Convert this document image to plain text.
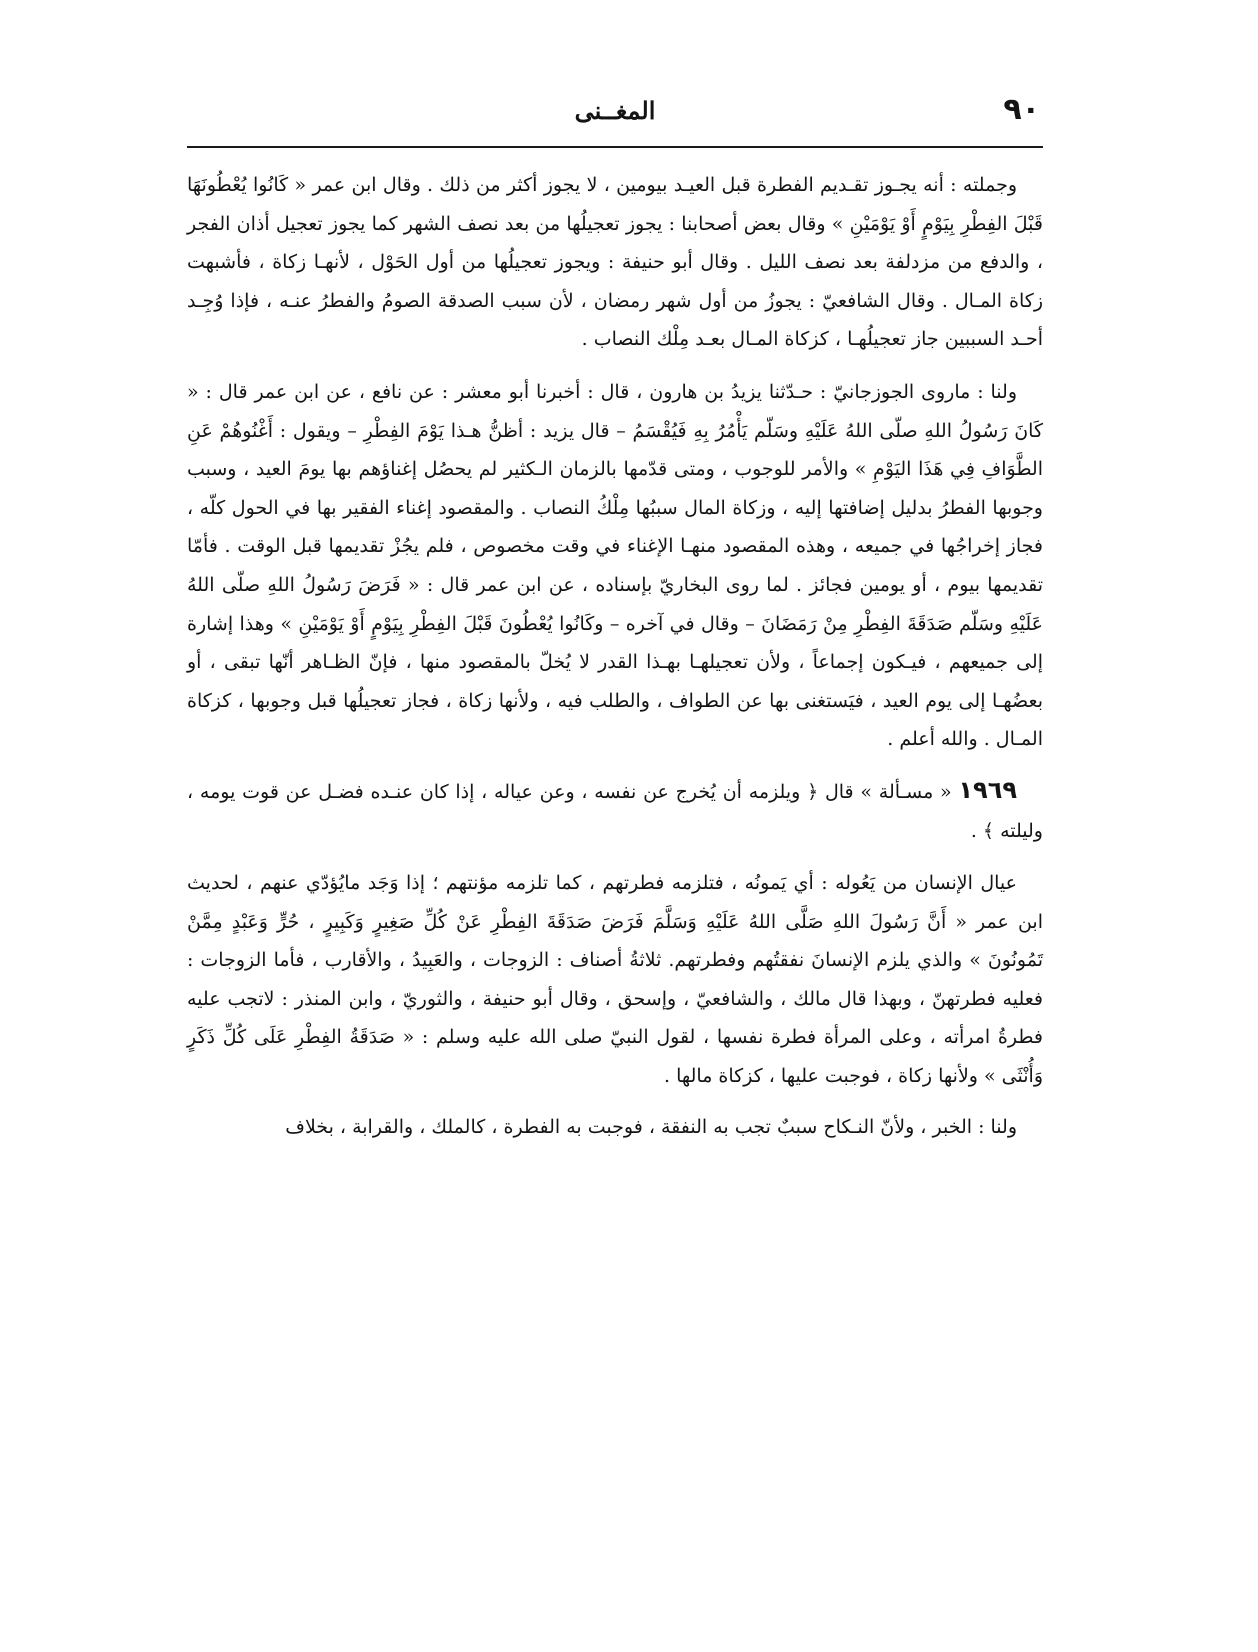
٩٠
المغــنى

وجملته : أنه يجـوز تقـديم الفطرة قبل العيـد بيومين ، لا يجوز أكثر من ذلك . وقال ابن عمر « كَانُوا يُعْطُونَهَا قَبْلَ الفِطْرِ بِيَوْمٍ أَوْ يَوْمَيْنِ » وقال بعض أصحابنا : يجوز تعجيلُها من بعد نصف الشهر كما يجوز تعجيل أذان الفجر ، والدفع من مزدلفة بعد نصف الليل . وقال أبو حنيفة : ويجوز تعجيلُها من أول الحَوْل ، لأنهـا زكاة ، فأشبهت زكاة المـال . وقال الشافعيّ : يجوزُ من أول شهر رمضان ، لأن سبب الصدقة الصومُ والفطرُ عنـه ، فإذا وُجِـد أحـد السببين جاز تعجيلُهـا ، كزكاة المـال بعـد مِلْك النصاب .

ولنا : ماروى الجوزجانيّ : حـدّثنا يزيدُ بن هارون ، قال : أخبرنا أبو معشر : عن نافع ، عن ابن عمر قال : « كَانَ رَسُولُ اللهِ صلّى اللهُ عَلَيْهِ وسَلّم يَأْمُرُ بِهِ فَيُقْسَمُ – قال يزيد : أظنُّ هـذا يَوْمَ الفِطْرِ – ويقول : أَغْنُوهُمْ عَنِ الطَّوَافِ فِي هَذَا اليَوْمِ » والأمر للوجوب ، ومتى قدّمها بالزمان الـكثير لم يحصُل إغناؤهم بها يومَ العيد ، وسبب وجوبها الفطرُ بدليل إضافتها إليه ، وزكاة المال سببُها مِلْكُ النصاب . والمقصود إغناء الفقير بها في الحول كلّه ، فجاز إخراجُها في جميعه ، وهذه المقصود منهـا الإغناء في وقت مخصوص ، فلم يجُزْ تقديمها قبل الوقت . فأمّا تقديمها بيوم ، أو يومين فجائز . لما روى البخاريّ بإسناده ، عن ابن عمر قال : « فَرَضَ رَسُولُ اللهِ صلّى اللهُ عَلَيْهِ وسَلّم صَدَقَةَ الفِطْرِ مِنْ رَمَضَانَ – وقال في آخره – وكَانُوا يُعْطُونَ قَبْلَ الفِطْرِ بِيَوْمٍ أَوْ يَوْمَيْنِ » وهذا إشارة إلى جميعهم ، فيـكون إجماعاً ، ولأن تعجيلهـا بهـذا القدر لا يُخلّ بالمقصود منها ، فإنّ الظـاهر أنّها تبقى ، أو بعضُهـا إلى يوم العيد ، فيَستغنى بها عن الطواف ، والطلب فيه ، ولأنها زكاة ، فجاز تعجيلُها قبل وجوبها ، كزكاة المـال . والله أعلم .

١٩٦٩ « مسـألة » قال ﴿ ويلزمه أن يُخرج عن نفسه ، وعن عياله ، إذا كان عنـده فضـل عن قوت يومه ، وليلته ﴾ .

عيال الإنسان من يَعُوله : أي يَمونُه ، فتلزمه فطرتهم ، كما تلزمه مؤنتهم ؛ إذا وَجَد مايُؤدّي عنهم ، لحديث ابن عمر « أَنَّ رَسُولَ اللهِ صَلَّى اللهُ عَلَيْهِ وَسَلَّمَ فَرَضَ صَدَقَةَ الفِطْرِ عَنْ كُلِّ صَغِيرٍ وَكَبِيرٍ ، حُرٍّ وَعَبْدٍ مِمَّنْ تَمُونُونَ » والذي يلزم الإنسانَ نفقتُهم وفطرتهم. ثلاثةُ أصناف : الزوجات ، والعَبِيدُ ، والأقارب ، فأما الزوجات : فعليه فطرتهنّ ، وبهذا قال مالك ، والشافعيّ ، وإسحق ، وقال أبو حنيفة ، والثوريّ ، وابن المنذر : لاتجب عليه فطرةُ امرأته ، وعلى المرأة فطرة نفسها ، لقول النبيّ صلى الله عليه وسلم : « صَدَقَةُ الفِطْرِ عَلَى كُلِّ ذَكَرٍ وَأُنْثَى » ولأنها زكاة ، فوجبت عليها ، كزكاة مالها .

ولنا : الخبر ، ولأنّ النـكاح سببٌ تجب به النفقة ، فوجبت به الفطرة ، كالملك ، والقرابة ، بخلاف
